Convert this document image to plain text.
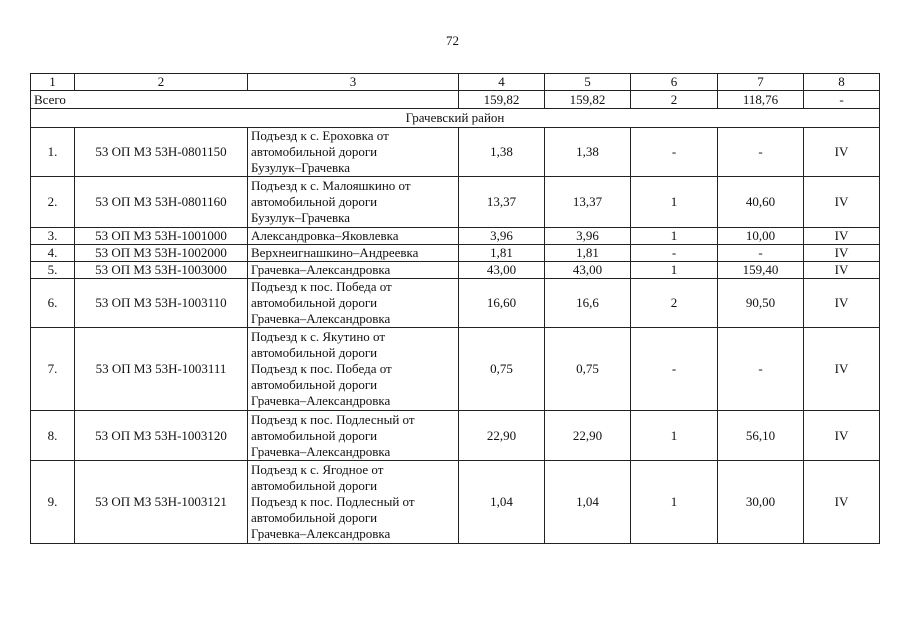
72
1	2	3	4	5	6	7	8
Всего			159,82	159,82	2	118,76	-
Грачевский район							
1.	53 ОП МЗ 53Н-0801150	Подъезд к с. Ероховка от
автомобильной дороги
Бузулук–Грачевка	1,38	1,38	-	-	IV
2.	53 ОП МЗ 53Н-0801160	Подъезд к с. Малояшкино от
автомобильной дороги
Бузулук–Грачевка	13,37	13,37	1	40,60	IV
3.	53 ОП МЗ 53Н-1001000	Александровка–Яковлевка	3,96	3,96	1	10,00	IV
4.	53 ОП МЗ 53Н-1002000	Верхнеигнашкино–Андреевка	1,81	1,81	-	-	IV
5.	53 ОП МЗ 53Н-1003000	Грачевка–Александровка	43,00	43,00	1	159,40	IV
6.	53 ОП МЗ 53Н-1003110	Подъезд к пос. Победа от
автомобильной дороги
Грачевка–Александровка	16,60	16,6	2	90,50	IV
7.	53 ОП МЗ 53Н-1003111	Подъезд к с. Якутино от
автомобильной дороги
Подъезд к пос. Победа от
автомобильной дороги
Грачевка–Александровка	0,75	0,75	-	-	IV
8.	53 ОП МЗ 53Н-1003120	Подъезд к пос. Подлесный от
автомобильной дороги
Грачевка–Александровка	22,90	22,90	1	56,10	IV
9.	53 ОП МЗ 53Н-1003121	Подъезд к с. Ягодное от
автомобильной дороги
Подъезд к пос. Подлесный от
автомобильной дороги
Грачевка–Александровка	1,04	1,04	1	30,00	IV
